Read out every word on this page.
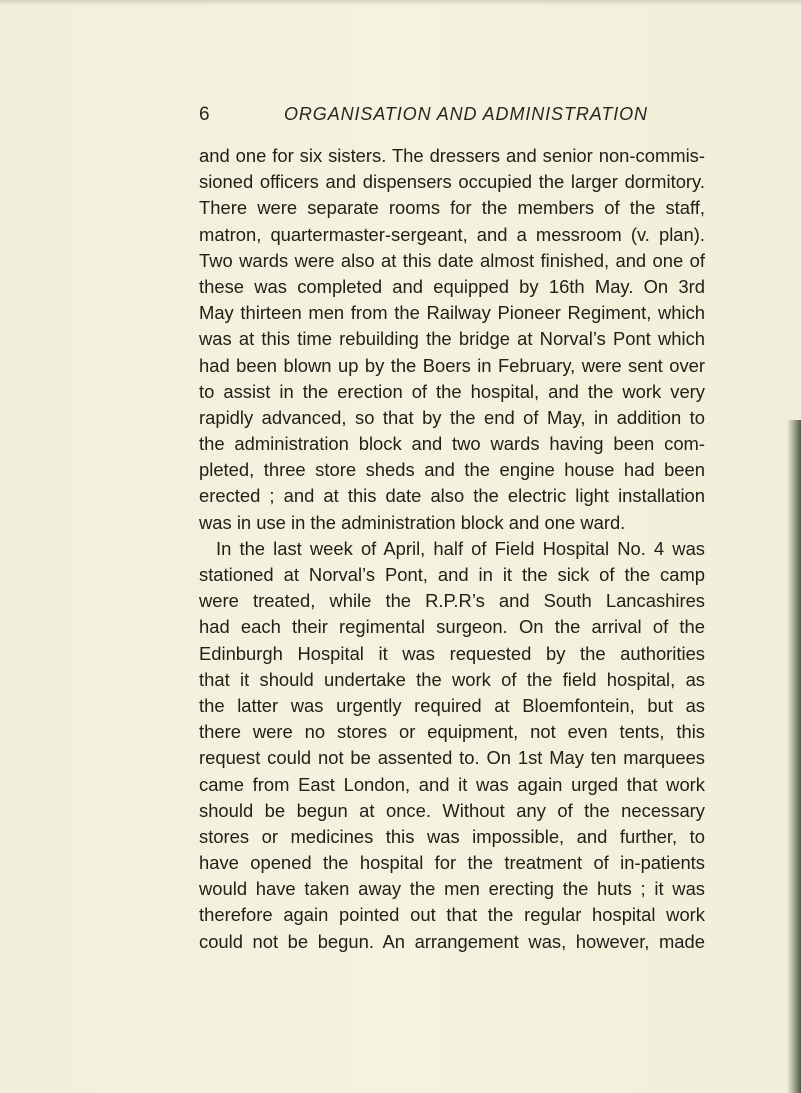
6	ORGANISATION AND ADMINISTRATION
and one for six sisters. The dressers and senior non-commis-
sioned officers and dispensers occupied the larger dormitory.
There were separate rooms for the members of the staff,
matron, quartermaster-sergeant, and a messroom (v. plan).
Two wards were also at this date almost finished, and one of
these was completed and equipped by 16th May. On 3rd
May thirteen men from the Railway Pioneer Regiment, which
was at this time rebuilding the bridge at Norval’s Pont which
had been blown up by the Boers in February, were sent over
to assist in the erection of the hospital, and the work very
rapidly advanced, so that by the end of May, in addition to
the administration block and two wards having been com-
pleted, three store sheds and the engine house had been
erected ; and at this date also the electric light installation
was in use in the administration block and one ward.
In the last week of April, half of Field Hospital No. 4 was
stationed at Norval’s Pont, and in it the sick of the camp
were treated, while the R.P.R’s and South Lancashires
had each their regimental surgeon. On the arrival of the
Edinburgh Hospital it was requested by the authorities
that it should undertake the work of the field hospital, as
the latter was urgently required at Bloemfontein, but as
there were no stores or equipment, not even tents, this
request could not be assented to. On 1st May ten marquees
came from East London, and it was again urged that work
should be begun at once. Without any of the necessary
stores or medicines this was impossible, and further, to
have opened the hospital for the treatment of in-patients
would have taken away the men erecting the huts ; it was
therefore again pointed out that the regular hospital work
could not be begun. An arrangement was, however, made
